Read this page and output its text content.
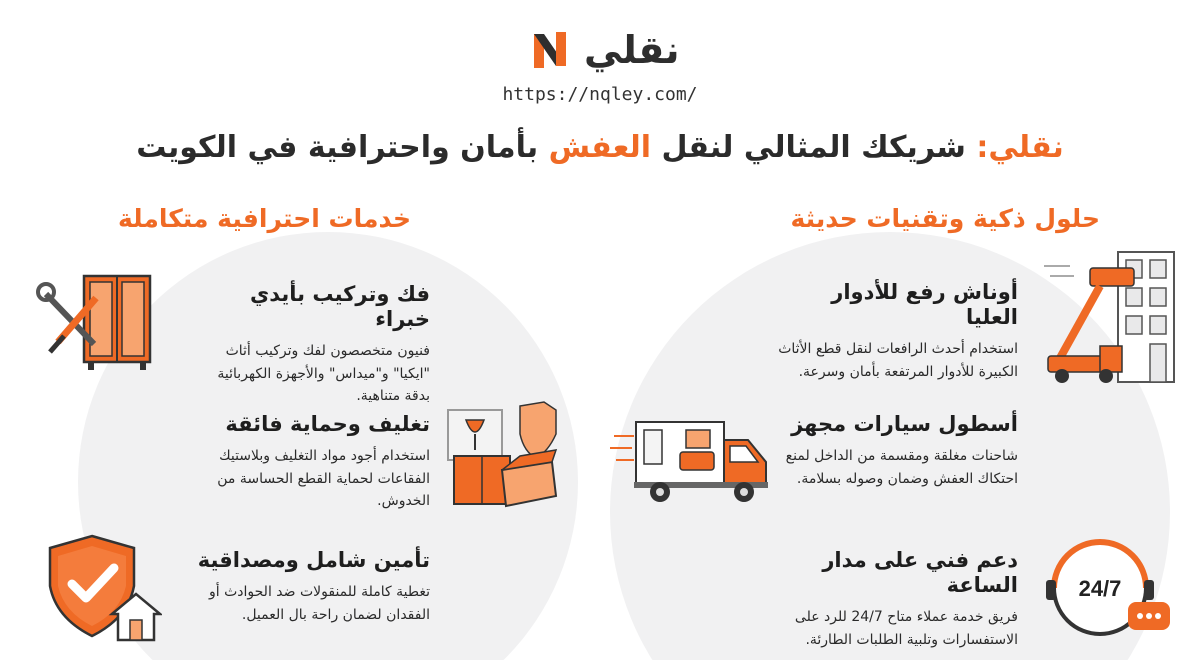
نقلي
https://nqley.com/
نقلي: شريكك المثالي لنقل العفش بأمان واحترافية في الكويت
حلول ذكية وتقنيات حديثة
خدمات احترافية متكاملة
أوناش رفع للأدوار العليا

استخدام أحدث الرافعات لنقل قطع الأثاث الكبيرة للأدوار المرتفعة بأمان وسرعة.

أسطول سيارات مجهز

شاحنات مغلقة ومقسمة من الداخل لمنع احتكاك العفش وضمان وصوله بسلامة.

دعم فني على مدار الساعة

فريق خدمة عملاء متاح 24/7 للرد على الاستفسارات وتلبية الطلبات الطارئة.

فك وتركيب بأيدي خبراء

فنيون متخصصون لفك وتركيب أثاث "ايكيا" و"ميداس" والأجهزة الكهربائية بدقة متناهية.

تغليف وحماية فائقة

استخدام أجود مواد التغليف وبلاستيك الفقاعات لحماية القطع الحساسة من الخدوش.

تأمين شامل ومصداقية

تغطية كاملة للمنقولات ضد الحوادث أو الفقدان لضمان راحة بال العميل.

24/7
